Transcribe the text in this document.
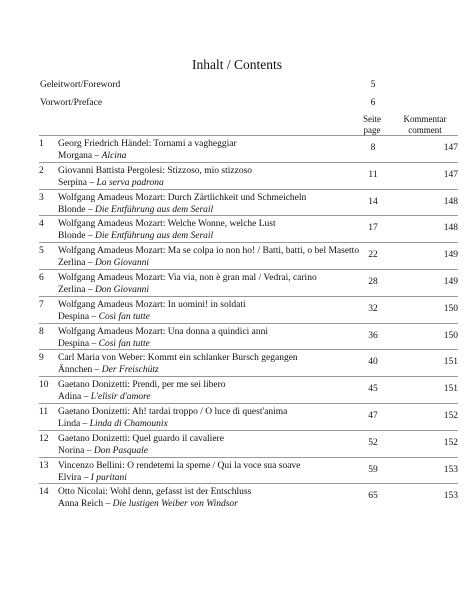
Inhalt / Contents
Geleitwort/Foreword	5
Vorwort/Preface	6
Seite
page
Kommentar
comment
1 Georg Friedrich Händel: Tornami a vagheggiar
Morgana – Alcina
8	147
2 Giovanni Battista Pergolesi: Stizzoso, mio stizzoso
Serpina – La serva padrona
11	147
3 Wolfgang Amadeus Mozart: Durch Zärtlichkeit und Schmeicheln
Blonde – Die Entführung aus dem Serail
14	148
4 Wolfgang Amadeus Mozart: Welche Wonne, welche Lust
Blonde – Die Entführung aus dem Serail
17	148
5 Wolfgang Amadeus Mozart: Ma se colpa io non ho! / Batti, batti, o bel Masetto
Zerlina – Don Giovanni
22	149
6 Wolfgang Amadeus Mozart: Via via, non è gran mal / Vedrai, carino
Zerlina – Don Giovanni
28	149
7 Wolfgang Amadeus Mozart: In uomini! in soldati
Despina – Così fan tutte
32	150
8 Wolfgang Amadeus Mozart: Una donna a quindici anni
Despina – Così fan tutte
36	150
9 Carl Maria von Weber: Kommt ein schlanker Bursch gegangen
Ännchen – Der Freischütz
40	151
10 Gaetano Donizetti: Prendi, per me sei libero
Adina – L'elisir d'amore
45	151
11 Gaetano Donizetti: Ah! tardai troppo / O luce di quest'anima
Linda – Linda di Chamounix
47	152
12 Gaetano Donizetti: Quel guardo il cavaliere
Norina – Don Pasquale
52	152
13 Vincenzo Bellini: O rendetemi la speme / Qui la voce sua soave
Elvira – I puritani
59	153
14 Otto Nicolai: Wohl denn, gefasst ist der Entschluss
Anna Reich – Die lustigen Weiber von Windsor
65	153
